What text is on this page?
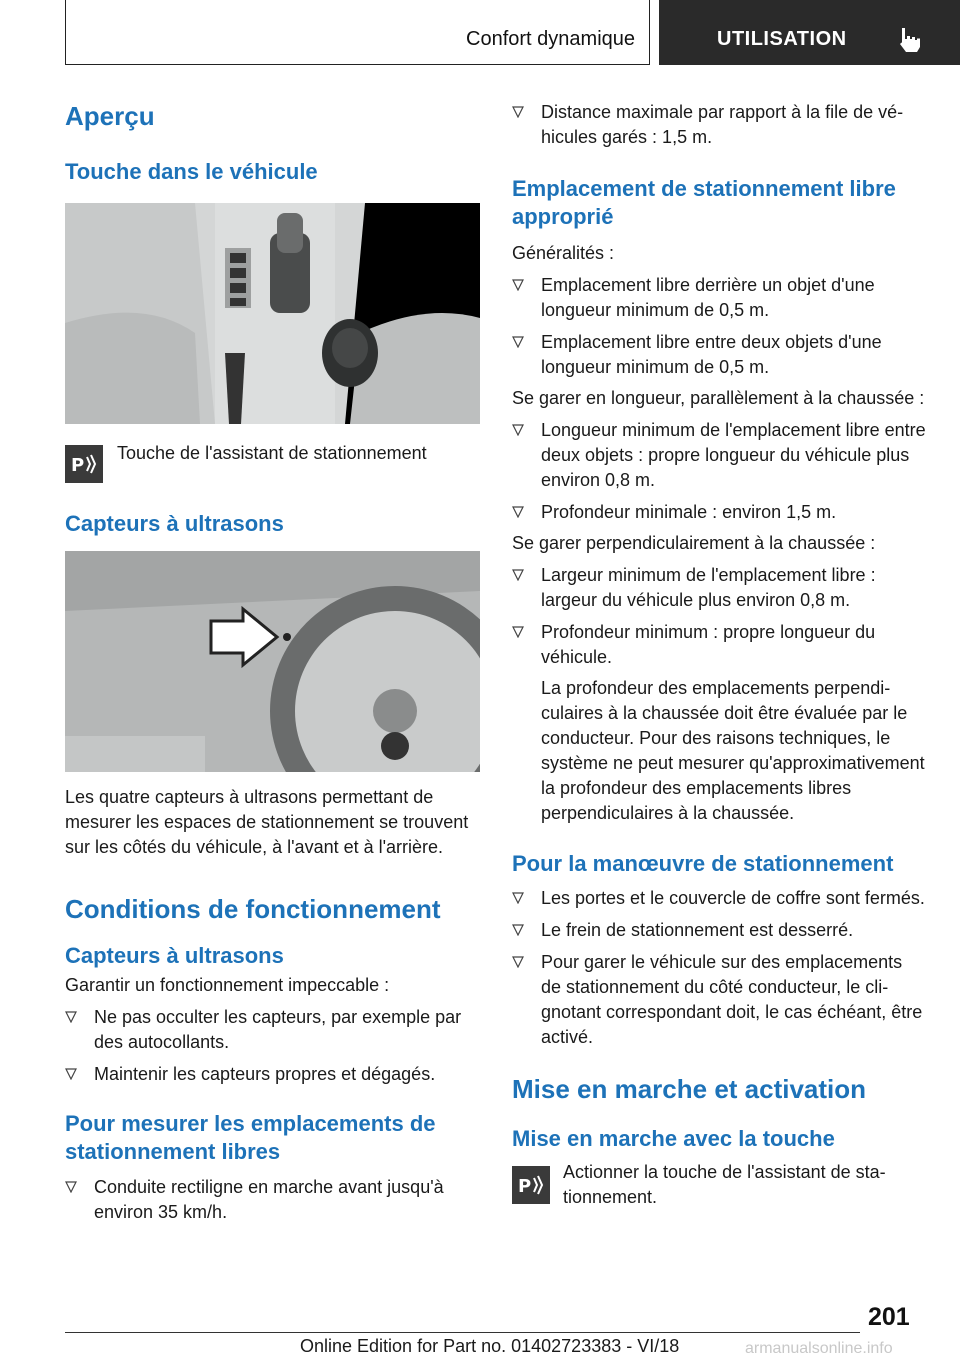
Confort dynamique	UTILISATION
Aperçu
Touche dans le véhicule
P

Touche de l'assistant de stationnement

Capteurs à ultrasons

Les quatre capteurs à ultrasons permettant de mesurer les espaces de stationnement se trouvent sur les côtés du véhicule, à l'avant et à l'arrière.

Conditions de fonctionnement
Capteurs à ultrasons

Garantir un fonctionnement impeccable :

Ne pas occulter les capteurs, par exemple par des autocollants.
Maintenir les capteurs propres et dégagés.
Pour mesurer les emplacements de stationnement libres
Conduite rectiligne en marche avant jusqu'à environ 35 km/h.
Distance maximale par rapport à la file de véhicules garés : 1,5 m.
Emplacement de stationnement libre approprié

Généralités :

Emplacement libre derrière un objet d'une longueur minimum de 0,5 m.
Emplacement libre entre deux objets d'une longueur minimum de 0,5 m.

Se garer en longueur, parallèlement à la chaussée :

Longueur minimum de l'emplacement libre entre deux objets : propre longueur du véhicule plus environ 0,8 m.
Profondeur minimale : environ 1,5 m.

Se garer perpendiculairement à la chaussée :

Largeur minimum de l'emplacement libre : largeur du véhicule plus environ 0,8 m.
Profondeur minimum : propre longueur du véhicule.

La profondeur des emplacements perpendiculaires à la chaussée doit être évaluée par le conducteur. Pour des raisons techniques, le système ne peut mesurer qu'approximativement la profondeur des emplacements libres perpendiculaires à la chaussée.

Pour la manœuvre de stationnement
Les portes et le couvercle de coffre sont fermés.
Le frein de stationnement est desserré.
Pour garer le véhicule sur des emplacements de stationnement du côté conducteur, le clignotant correspondant doit, le cas échéant, être activé.
Mise en marche et activation
Mise en marche avec la touche
P

Actionner la touche de l'assistant de stationnement.

201
Online Edition for Part no. 01402723383 - VI/18	armanualsonline.info
